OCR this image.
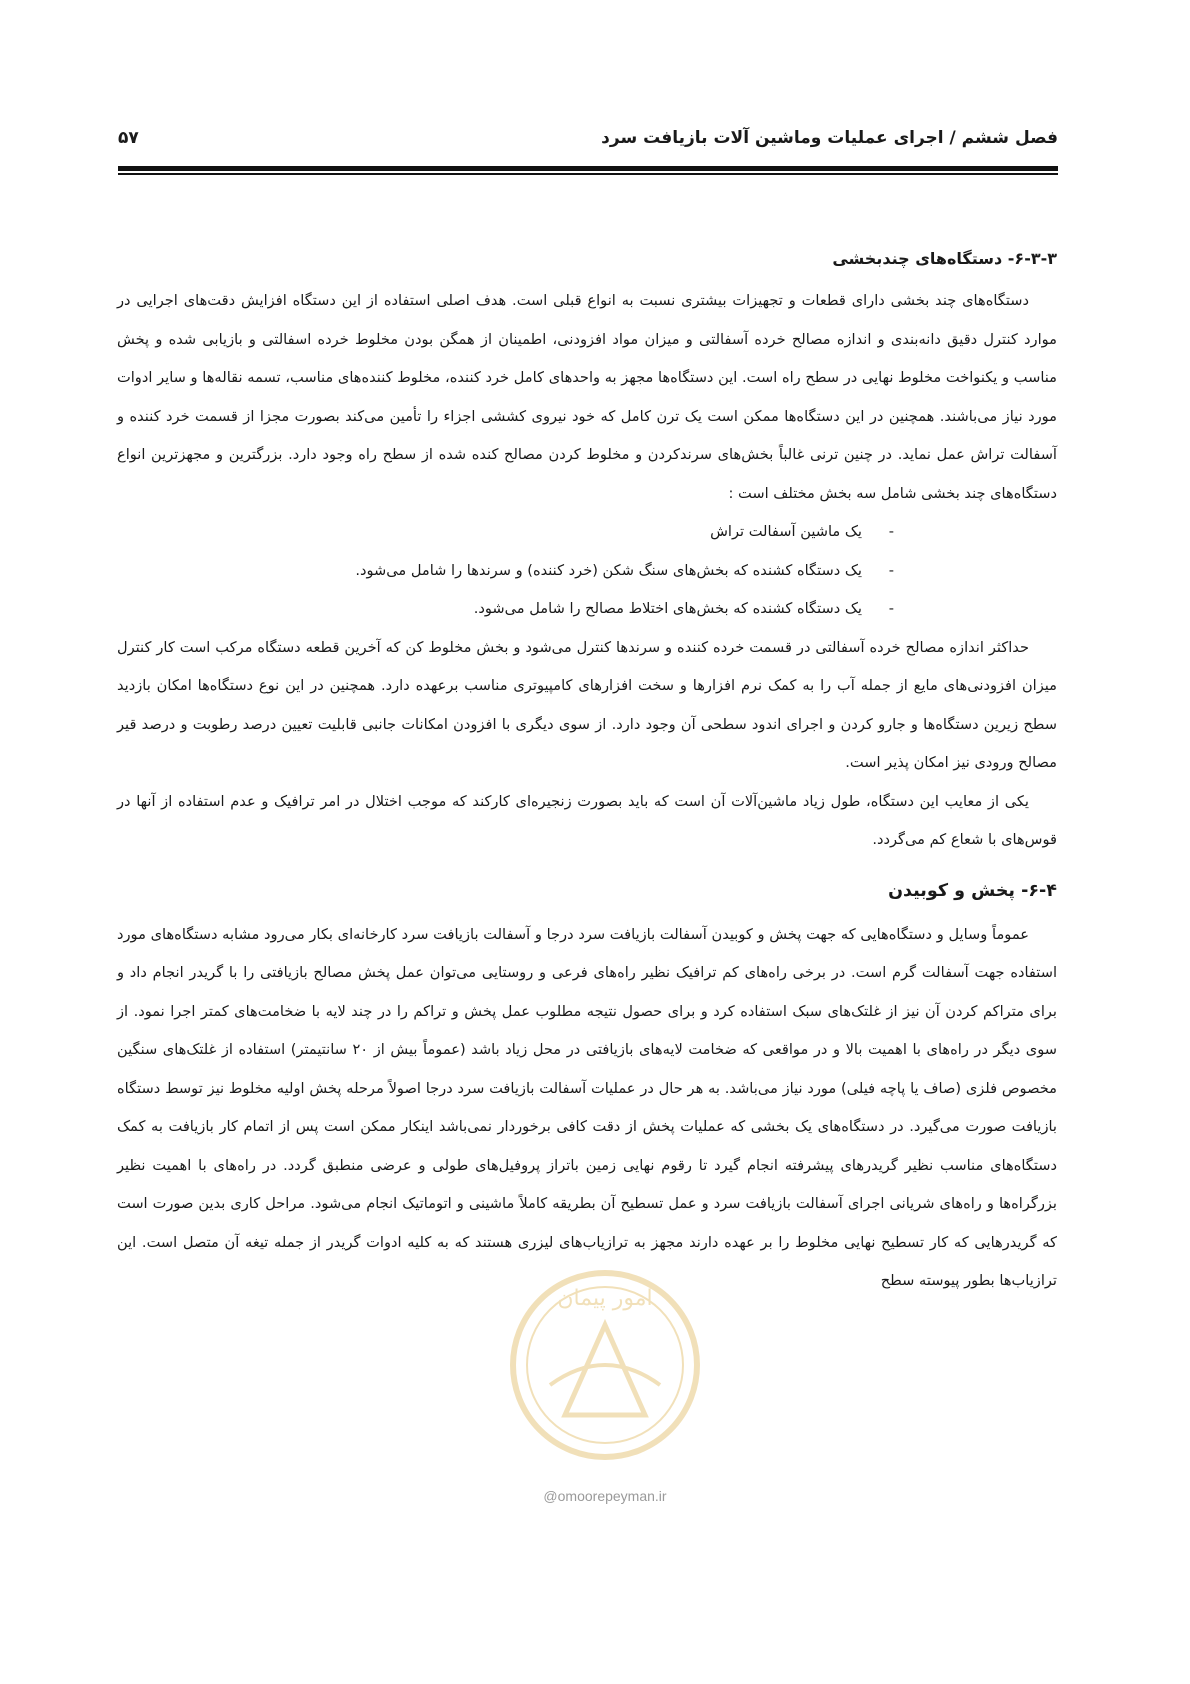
فصل ششم / اجرای عملیات وماشین آلات بازیافت سرد
۵۷
۶-۳-۳- دستگاه‌های چندبخشی

دستگاه‌های چند بخشی دارای قطعات و تجهیزات بیشتری نسبت به انواع قبلی است. هدف اصلی استفاده از این دستگاه افزایش دقت‌های اجرایی در موارد کنترل دقیق دانه‌بندی و اندازه مصالح خرده آسفالتی و میزان مواد افزودنی، اطمینان از همگن بودن مخلوط خرده اسفالتی و بازیابی شده و پخش مناسب و یکنواخت مخلوط نهایی در سطح راه است. این دستگاه‌ها مجهز به واحدهای کامل خرد کننده، مخلوط کننده‌های مناسب، تسمه نقاله‌ها و سایر ادوات مورد نیاز می‌باشند. همچنین در این دستگاه‌ها ممکن است یک ترن کامل که خود نیروی کششی اجزاء را تأمین می‌کند بصورت مجزا از قسمت خرد کننده و آسفالت تراش عمل نماید. در چنین ترنی غالباً بخش‌های سرندکردن و مخلوط کردن مصالح کنده شده از سطح راه وجود دارد. بزرگترین و مجهزترین انواع دستگاه‌های چند بخشی شامل سه بخش مختلف است :

-
یک ماشین آسفالت تراش
-
یک دستگاه کشنده که بخش‌های سنگ شکن (خرد کننده) و سرندها را شامل می‌شود.
-
یک دستگاه کشنده که بخش‌های اختلاط مصالح را شامل می‌شود.

حداکثر اندازه مصالح خرده آسفالتی در قسمت خرده کننده و سرندها کنترل می‌شود و بخش مخلوط کن که آخرین قطعه دستگاه مرکب است کار کنترل میزان افزودنی‌های مایع از جمله آب را به کمک نرم افزارها و سخت افزارهای کامپیوتری مناسب برعهده دارد. همچنین در این نوع دستگاه‌ها امکان بازدید سطح زیرین دستگاه‌ها و جارو کردن و اجرای اندود سطحی آن وجود دارد. از سوی دیگری با افزودن امکانات جانبی قابلیت تعیین درصد رطوبت و درصد قیر مصالح ورودی نیز امکان پذیر است.

یکی از معایب این دستگاه، طول زیاد ماشین‌آلات آن است که باید بصورت زنجیره‌ای کارکند که موجب اختلال در امر ترافیک و عدم استفاده از آنها در قوس‌های با شعاع کم می‌گردد.

۶-۴- پخش و کوبیدن

عموماً وسایل و دستگاه‌هایی که جهت پخش و کوبیدن آسفالت بازیافت سرد درجا و آسفالت بازیافت سرد کارخانه‌ای بکار می‌رود مشابه دستگاه‌های مورد استفاده جهت آسفالت گرم است. در برخی راه‌های کم ترافیک نظیر راه‌های فرعی و روستایی می‌توان عمل پخش مصالح بازیافتی را با گریدر انجام داد و برای متراکم کردن آن نیز از غلتک‌های سبک استفاده کرد و برای حصول نتیجه مطلوب عمل پخش و تراکم را در چند لایه با ضخامت‌های کمتر اجرا نمود. از سوی دیگر در راه‌های با اهمیت بالا و در مواقعی که ضخامت لایه‌های بازیافتی در محل زیاد باشد (عموماً بیش از ۲۰ سانتیمتر) استفاده از غلتک‌های سنگین مخصوص فلزی (صاف یا پاچه فیلی) مورد نیاز می‌باشد. به هر حال در عملیات آسفالت بازیافت سرد درجا اصولاً مرحله پخش اولیه مخلوط نیز توسط دستگاه بازیافت صورت می‌گیرد. در دستگاه‌های یک بخشی که عملیات پخش از دقت کافی برخوردار نمی‌باشد اینکار ممکن است پس از اتمام کار بازیافت به کمک دستگاه‌های مناسب نظیر گریدرهای پیشرفته انجام گیرد تا رقوم نهایی زمین باتراز پروفیل‌های طولی و عرضی منطبق گردد. در راه‌های با اهمیت نظیر بزرگراه‌ها و راه‌های شریانی اجرای آسفالت بازیافت سرد و عمل تسطیح آن بطریقه کاملاً ماشینی و اتوماتیک انجام می‌شود. مراحل کاری بدین صورت است که گریدرهایی که کار تسطیح نهایی مخلوط را بر عهده دارند مجهز به ترازیاب‌های لیزری هستند که به کلیه ادوات گریدر از جمله تیغه آن متصل است. این ترازیاب‌ها بطور پیوسته سطح

امور پیمان
@omoorepeyman.ir
